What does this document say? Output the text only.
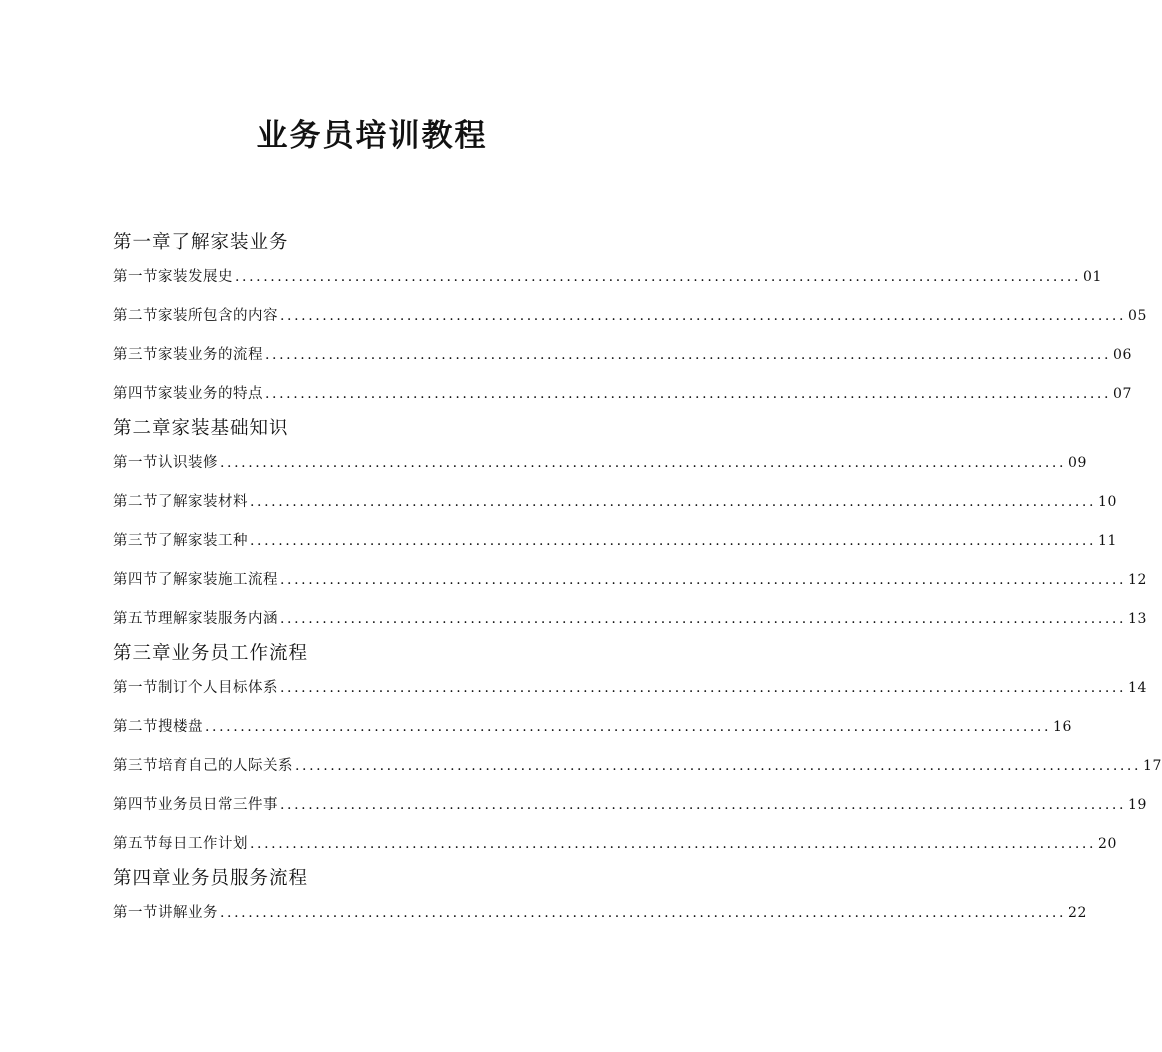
业务员培训教程
第一章了解家装业务
第一节家装发展史 ........................................................................................................................ 01
第二节家装所包含的内容 ........................................................................................................................ 05
第三节家装业务的流程 ........................................................................................................................ 06
第四节家装业务的特点 ........................................................................................................................ 07
第二章家装基础知识
第一节认识装修 ........................................................................................................................ 09
第二节了解家装材料 ........................................................................................................................ 10
第三节了解家装工种 ........................................................................................................................ 11
第四节了解家装施工流程 ........................................................................................................................ 12
第五节理解家装服务内涵 ........................................................................................................................ 13
第三章业务员工作流程
第一节制订个人目标体系 ........................................................................................................................ 14
第二节搜楼盘 ........................................................................................................................ 16
第三节培育自己的人际关系 ........................................................................................................................ 17
第四节业务员日常三件事 ........................................................................................................................ 19
第五节每日工作计划 ........................................................................................................................ 20
第四章业务员服务流程
第一节讲解业务 ........................................................................................................................ 22
